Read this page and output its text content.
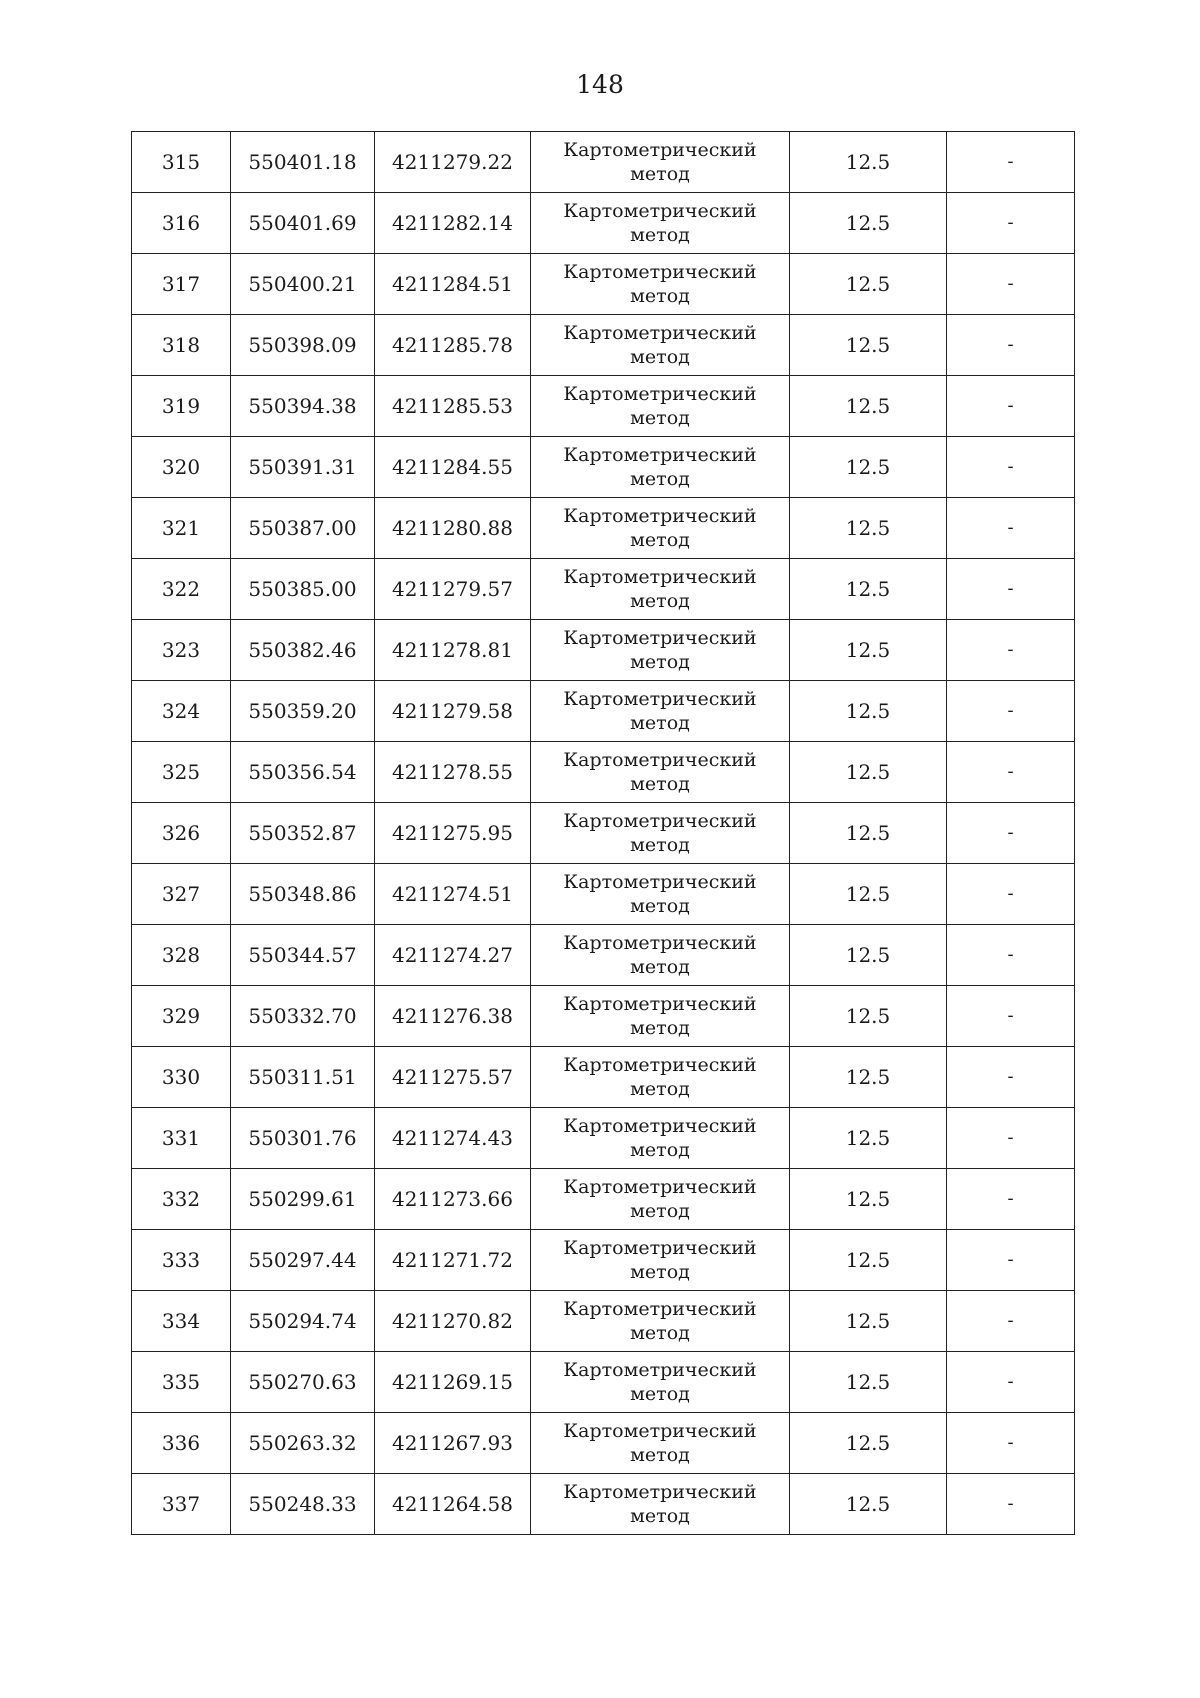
148
315	550401.18	4211279.22	Картометрический метод	12.5	-
316	550401.69	4211282.14	Картометрический метод	12.5	-
317	550400.21	4211284.51	Картометрический метод	12.5	-
318	550398.09	4211285.78	Картометрический метод	12.5	-
319	550394.38	4211285.53	Картометрический метод	12.5	-
320	550391.31	4211284.55	Картометрический метод	12.5	-
321	550387.00	4211280.88	Картометрический метод	12.5	-
322	550385.00	4211279.57	Картометрический метод	12.5	-
323	550382.46	4211278.81	Картометрический метод	12.5	-
324	550359.20	4211279.58	Картометрический метод	12.5	-
325	550356.54	4211278.55	Картометрический метод	12.5	-
326	550352.87	4211275.95	Картометрический метод	12.5	-
327	550348.86	4211274.51	Картометрический метод	12.5	-
328	550344.57	4211274.27	Картометрический метод	12.5	-
329	550332.70	4211276.38	Картометрический метод	12.5	-
330	550311.51	4211275.57	Картометрический метод	12.5	-
331	550301.76	4211274.43	Картометрический метод	12.5	-
332	550299.61	4211273.66	Картометрический метод	12.5	-
333	550297.44	4211271.72	Картометрический метод	12.5	-
334	550294.74	4211270.82	Картометрический метод	12.5	-
335	550270.63	4211269.15	Картометрический метод	12.5	-
336	550263.32	4211267.93	Картометрический метод	12.5	-
337	550248.33	4211264.58	Картометрический метод	12.5	-
